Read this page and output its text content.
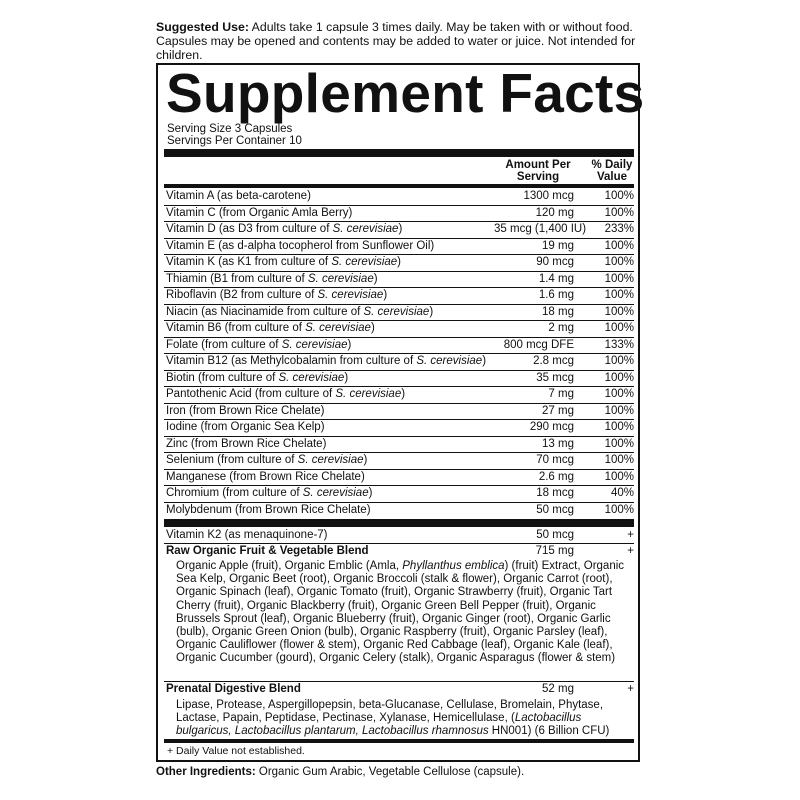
Suggested Use: Adults take 1 capsule 3 times daily. May be taken with or without food. Capsules may be opened and contents may be added to water or juice. Not intended for children.
Supplement Facts
Serving Size 3 Capsules
Servings Per Container 10
Amount Per
Serving
% Daily
Value
Vitamin A (as beta-carotene)	1300 mcg	100%
Vitamin C (from Organic Amla Berry)	120 mg	100%
Vitamin D (as D3 from culture of S. cerevisiae)	35 mcg (1,400 IU)	233%
Vitamin E (as d-alpha tocopherol from Sunflower Oil)	19 mg	100%
Vitamin K (as K1 from culture of S. cerevisiae)	90 mcg	100%
Thiamin (B1 from culture of S. cerevisiae)	1.4 mg	100%
Riboflavin (B2 from culture of S. cerevisiae)	1.6 mg	100%
Niacin (as Niacinamide from culture of S. cerevisiae)	18 mg	100%
Vitamin B6 (from culture of S. cerevisiae)	2 mg	100%
Folate (from culture of S. cerevisiae)	800 mcg DFE	133%
Vitamin B12 (as Methylcobalamin from culture of S. cerevisiae)	2.8 mcg	100%
Biotin (from culture of S. cerevisiae)	35 mcg	100%
Pantothenic Acid (from culture of S. cerevisiae)	7 mg	100%
Iron (from Brown Rice Chelate)	27 mg	100%
Iodine (from Organic Sea Kelp)	290 mcg	100%
Zinc (from Brown Rice Chelate)	13 mg	100%
Selenium (from culture of S. cerevisiae)	70 mcg	100%
Manganese (from Brown Rice Chelate)	2.6 mg	100%
Chromium (from culture of S. cerevisiae)	18 mcg	40%
Molybdenum (from Brown Rice Chelate)	50 mcg	100%
Vitamin K2 (as menaquinone-7)	50 mcg	+
Raw Organic Fruit & Vegetable Blend	715 mg	+
Organic Apple (fruit), Organic Emblic (Amla, Phyllanthus emblica) (fruit) Extract, Organic Sea Kelp, Organic Beet (root), Organic Broccoli (stalk & flower), Organic Carrot (root), Organic Spinach (leaf), Organic Tomato (fruit), Organic Strawberry (fruit), Organic Tart Cherry (fruit), Organic Blackberry (fruit), Organic Green Bell Pepper (fruit), Organic Brussels Sprout (leaf), Organic Blueberry (fruit), Organic Ginger (root), Organic Garlic (bulb), Organic Green Onion (bulb), Organic Raspberry (fruit), Organic Parsley (leaf), Organic Cauliflower (flower & stem), Organic Red Cabbage (leaf), Organic Kale (leaf), Organic Cucumber (gourd), Organic Celery (stalk), Organic Asparagus (flower & stem)
Prenatal Digestive Blend	52 mg	+
Lipase, Protease, Aspergillopepsin, beta-Glucanase, Cellulase, Bromelain, Phytase, Lactase, Papain, Peptidase, Pectinase, Xylanase, Hemicellulase, (Lactobacillus bulgaricus, Lactobacillus plantarum, Lactobacillus rhamnosus HN001) (6 Billion CFU)
+ Daily Value not established.
Other Ingredients: Organic Gum Arabic, Vegetable Cellulose (capsule).
